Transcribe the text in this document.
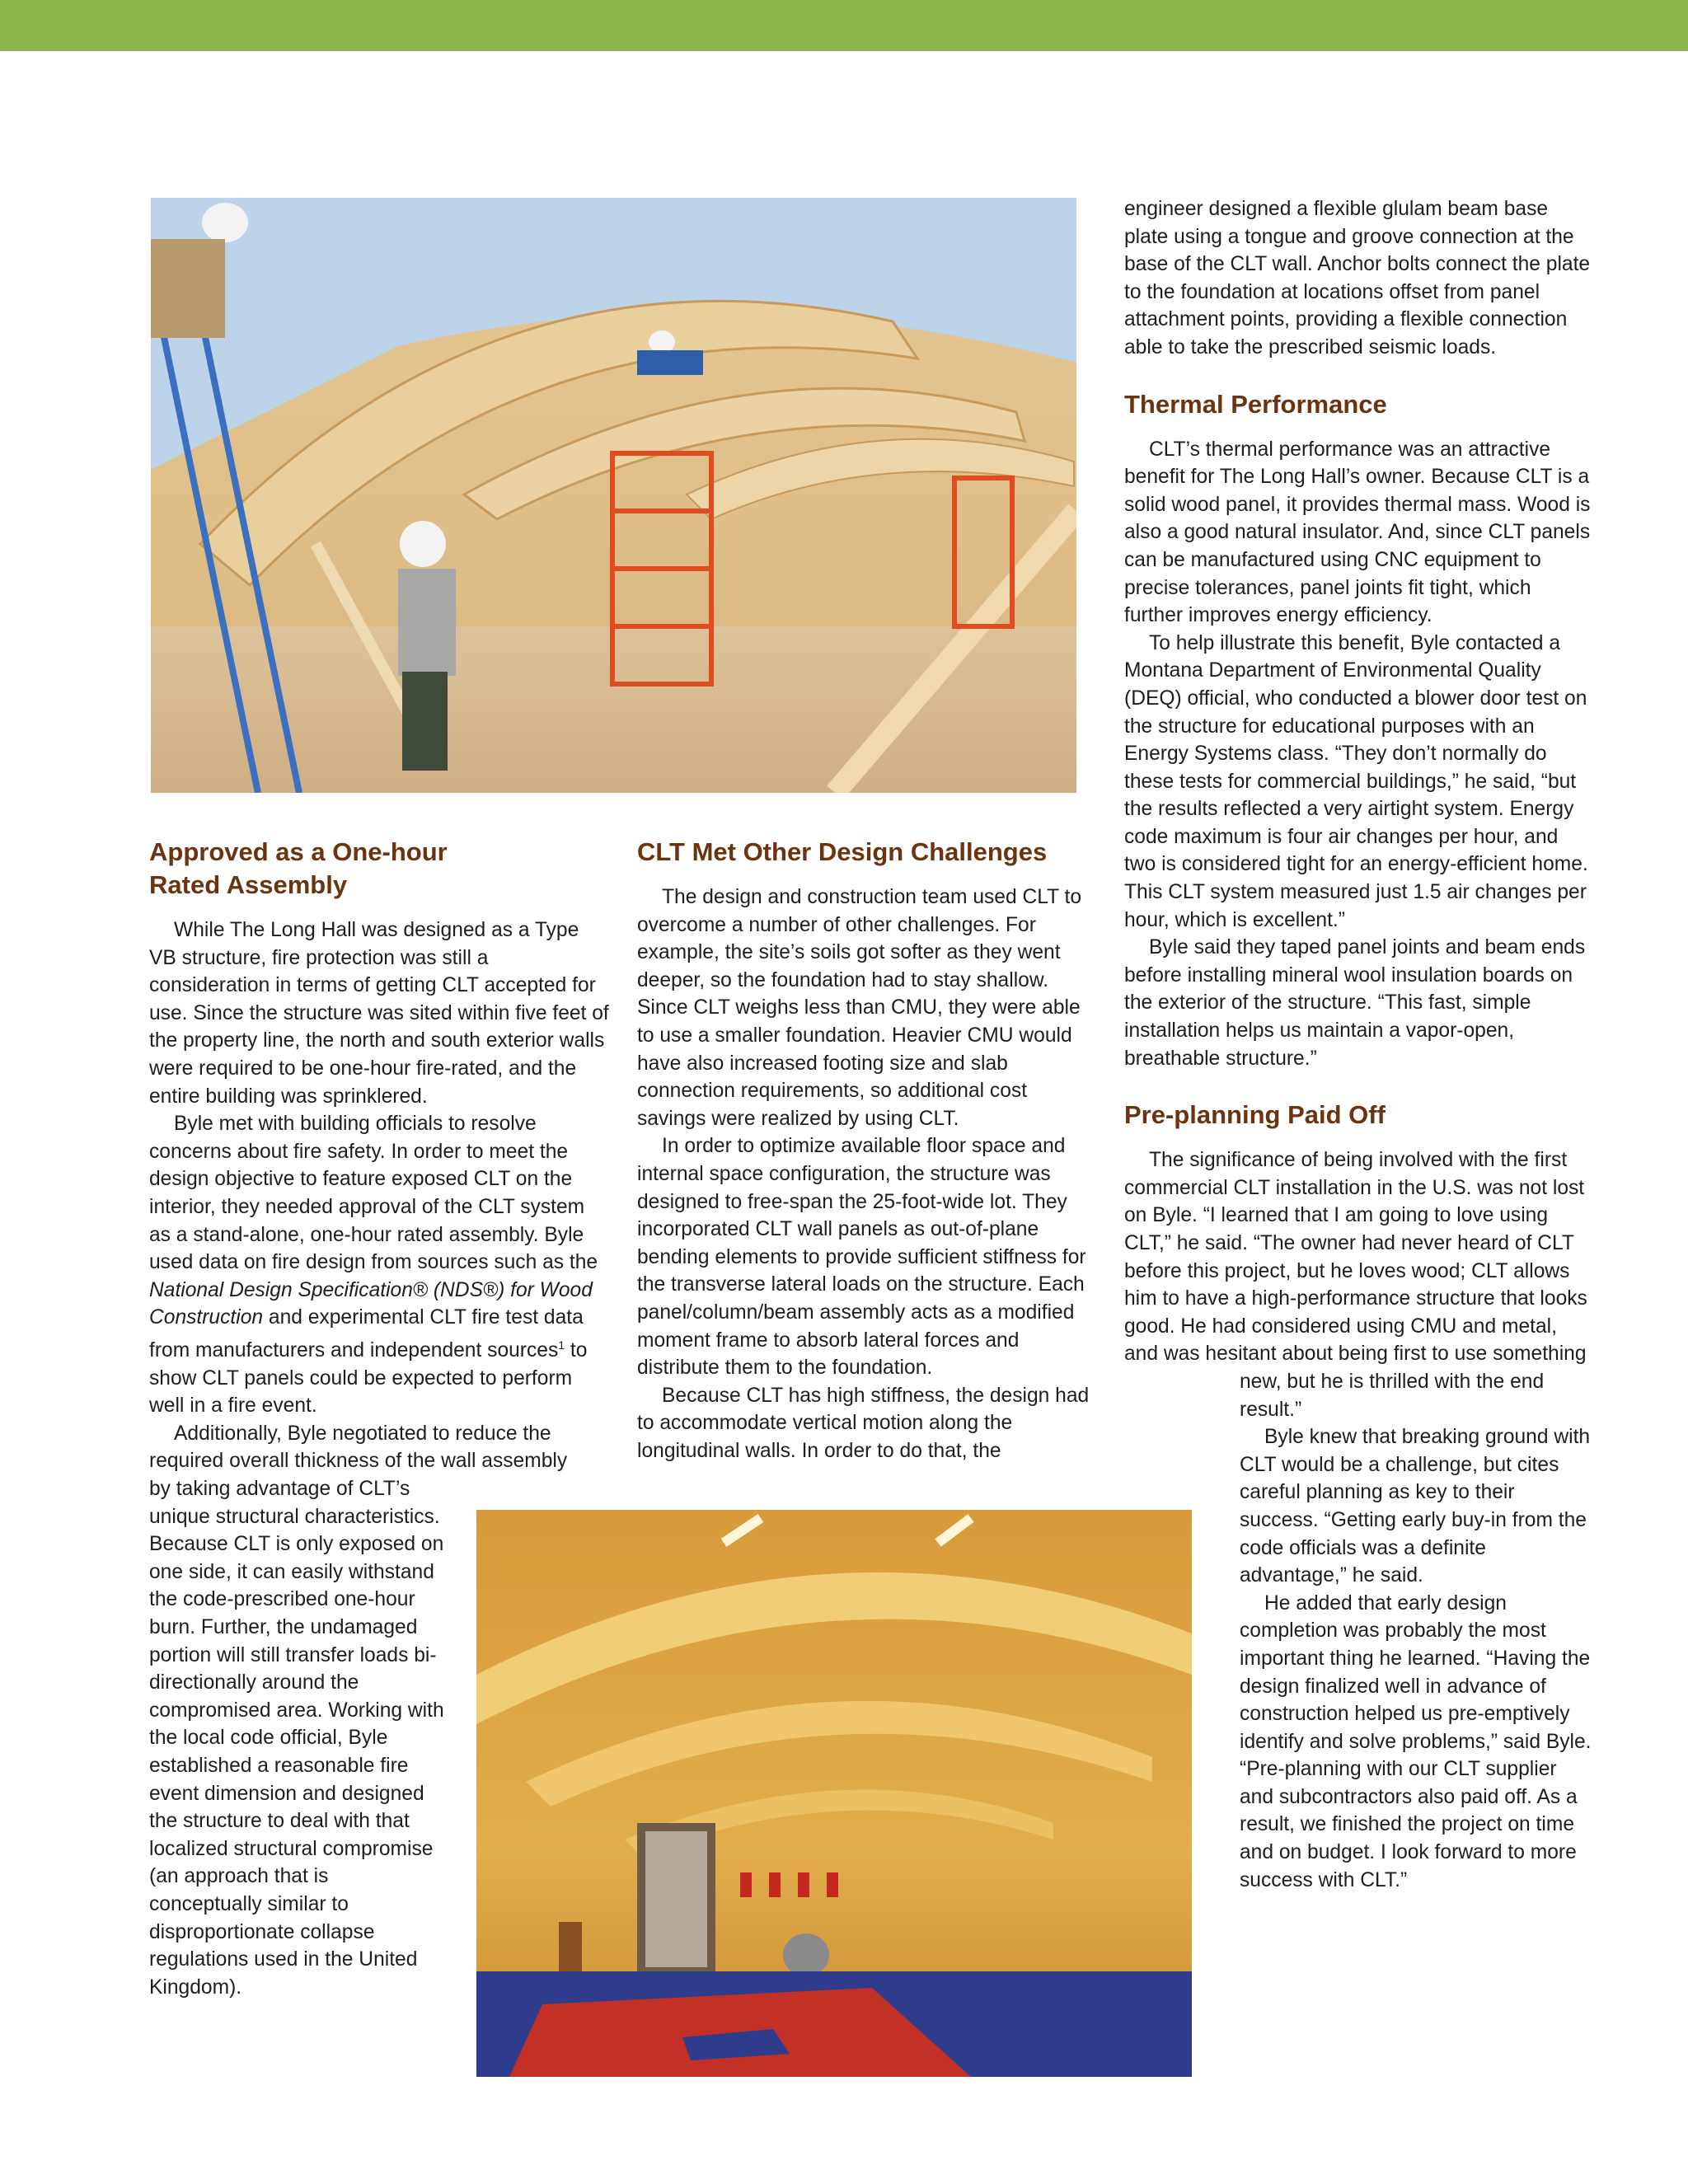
Approved as a One-hour
Rated Assembly

While The Long Hall was designed as a Type VB structure, fire protection was still a consideration in terms of getting CLT accepted for use. Since the structure was sited within five feet of the property line, the north and south exterior walls were required to be one-hour fire-rated, and the entire building was sprinklered.

Byle met with building officials to resolve concerns about fire safety. In order to meet the design objective to feature exposed CLT on the interior, they needed approval of the CLT system as a stand-alone, one-hour rated assembly. Byle used data on fire design from sources such as the National Design Specification® (NDS®) for Wood Construction and experimental CLT fire test data from manufacturers and independent sources$^1$ to show CLT panels could be expected to perform well in a fire event.

Additionally, Byle negotiated to reduce the required overall thickness of the wall assembly

by taking advantage of CLT’s unique structural characteristics. Because CLT is only exposed on one side, it can easily withstand the code-prescribed one-hour burn. Further, the undamaged portion will still transfer loads bi-directionally around the compromised area. Working with the local code official, Byle established a reasonable fire event dimension and designed the structure to deal with that localized structural compromise (an approach that is conceptually similar to disproportionate collapse regulations used in the United Kingdom).

CLT Met Other Design Challenges

The design and construction team used CLT to overcome a number of other challenges. For example, the site’s soils got softer as they went deeper, so the foundation had to stay shallow. Since CLT weighs less than CMU, they were able to use a smaller foundation. Heavier CMU would have also increased footing size and slab connection requirements, so additional cost savings were realized by using CLT.

In order to optimize available floor space and internal space configuration, the structure was designed to free-span the 25-foot-wide lot. They incorporated CLT wall panels as out-of-plane bending elements to provide sufficient stiffness for the transverse lateral loads on the structure. Each panel/column/beam assembly acts as a modified moment frame to absorb lateral forces and distribute them to the foundation.

Because CLT has high stiffness, the design had to accommodate vertical motion along the longitudinal walls. In order to do that, the

engineer designed a flexible glulam beam base plate using a tongue and groove connection at the base of the CLT wall. Anchor bolts connect the plate to the foundation at locations offset from panel attachment points, providing a flexible connection able to take the prescribed seismic loads.

Thermal Performance

CLT’s thermal performance was an attractive benefit for The Long Hall’s owner. Because CLT is a solid wood panel, it provides thermal mass. Wood is also a good natural insulator. And, since CLT panels can be manufactured using CNC equipment to precise tolerances, panel joints fit tight, which further improves energy efficiency.

To help illustrate this benefit, Byle contacted a Montana Department of Environmental Quality (DEQ) official, who conducted a blower door test on the structure for educational purposes with an Energy Systems class. “They don’t normally do these tests for commercial buildings,” he said, “but the results reflected a very airtight system. Energy code maximum is four air changes per hour, and two is considered tight for an energy-efficient home. This CLT system measured just 1.5 air changes per hour, which is excellent.”

Byle said they taped panel joints and beam ends before installing mineral wool insulation boards on the exterior of the structure. “This fast, simple installation helps us maintain a vapor-open, breathable structure.”

Pre-planning Paid Off

The significance of being involved with the first commercial CLT installation in the U.S. was not lost on Byle. “I learned that I am going to love using CLT,” he said. “The owner had never heard of CLT before this project, but he loves wood; CLT allows him to have a high-performance structure that looks good. He had considered using CMU and metal, and was hesitant about being first to use something

new, but he is thrilled with the end result.”

Byle knew that breaking ground with CLT would be a challenge, but cites careful planning as key to their success. “Getting early buy-in from the code officials was a definite advantage,” he said.

He added that early design completion was probably the most important thing he learned. “Having the design finalized well in advance of construction helped us pre-emptively identify and solve problems,” said Byle. “Pre-planning with our CLT supplier and subcontractors also paid off. As a result, we finished the project on time and on budget. I look forward to more success with CLT.”
